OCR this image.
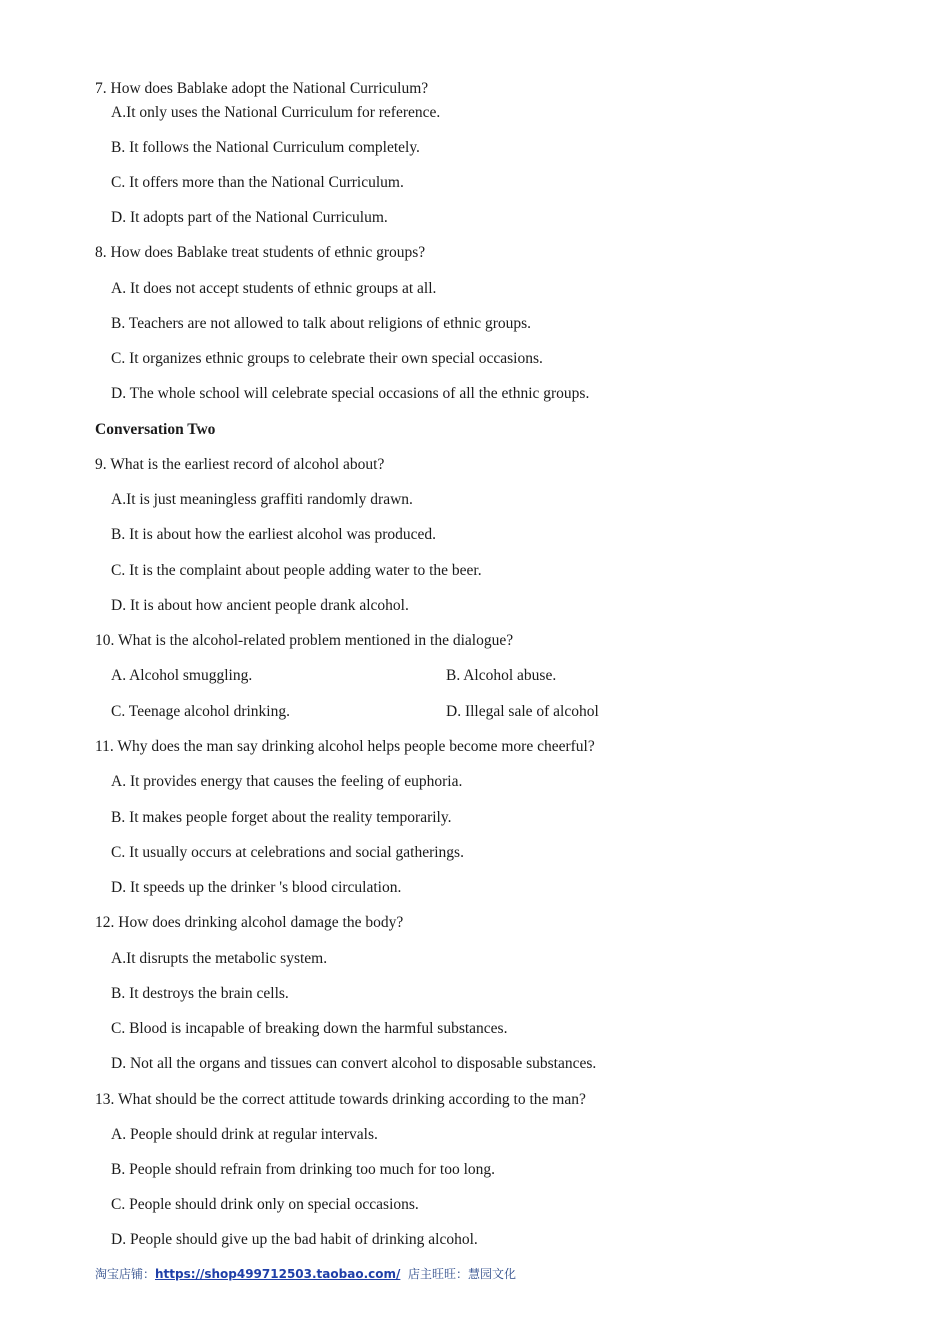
7. How does Bablake adopt the National Curriculum?
A.It only uses the National Curriculum for reference.
B. It follows the National Curriculum completely.
C. It offers more than the National Curriculum.
D. It adopts part of the National Curriculum.
8. How does Bablake treat students of ethnic groups?
A. It does not accept students of ethnic groups at all.
B. Teachers are not allowed to talk about religions of ethnic groups.
C. It organizes ethnic groups to celebrate their own special occasions.
D. The whole school will celebrate special occasions of all the ethnic groups.
Conversation Two
9. What is the earliest record of alcohol about?
A.It is just meaningless graffiti randomly drawn.
B. It is about how the earliest alcohol was produced.
C. It is the complaint about people adding water to the beer.
D. It is about how ancient people drank alcohol.
10. What is the alcohol-related problem mentioned in the dialogue?
A. Alcohol smuggling.	B. Alcohol abuse.
C. Teenage alcohol drinking.	D. Illegal sale of alcohol
11. Why does the man say drinking alcohol helps people become more cheerful?
A. It provides energy that causes the feeling of euphoria.
B. It makes people forget about the reality temporarily.
C. It usually occurs at celebrations and social gatherings.
D. It speeds up the drinker 's blood circulation.
12. How does drinking alcohol damage the body?
A.It disrupts the metabolic system.
B. It destroys the brain cells.
C. Blood is incapable of breaking down the harmful substances.
D. Not all the organs and tissues can convert alcohol to disposable substances.
13. What should be the correct attitude towards drinking according to the man?
A. People should drink at regular intervals.
B. People should refrain from drinking too much for too long.
C. People should drink only on special occasions.
D. People should give up the bad habit of drinking alcohol.
淘宝店铺：https://shop499712503.taobao.com/ 店主旺旺：慧园文化
